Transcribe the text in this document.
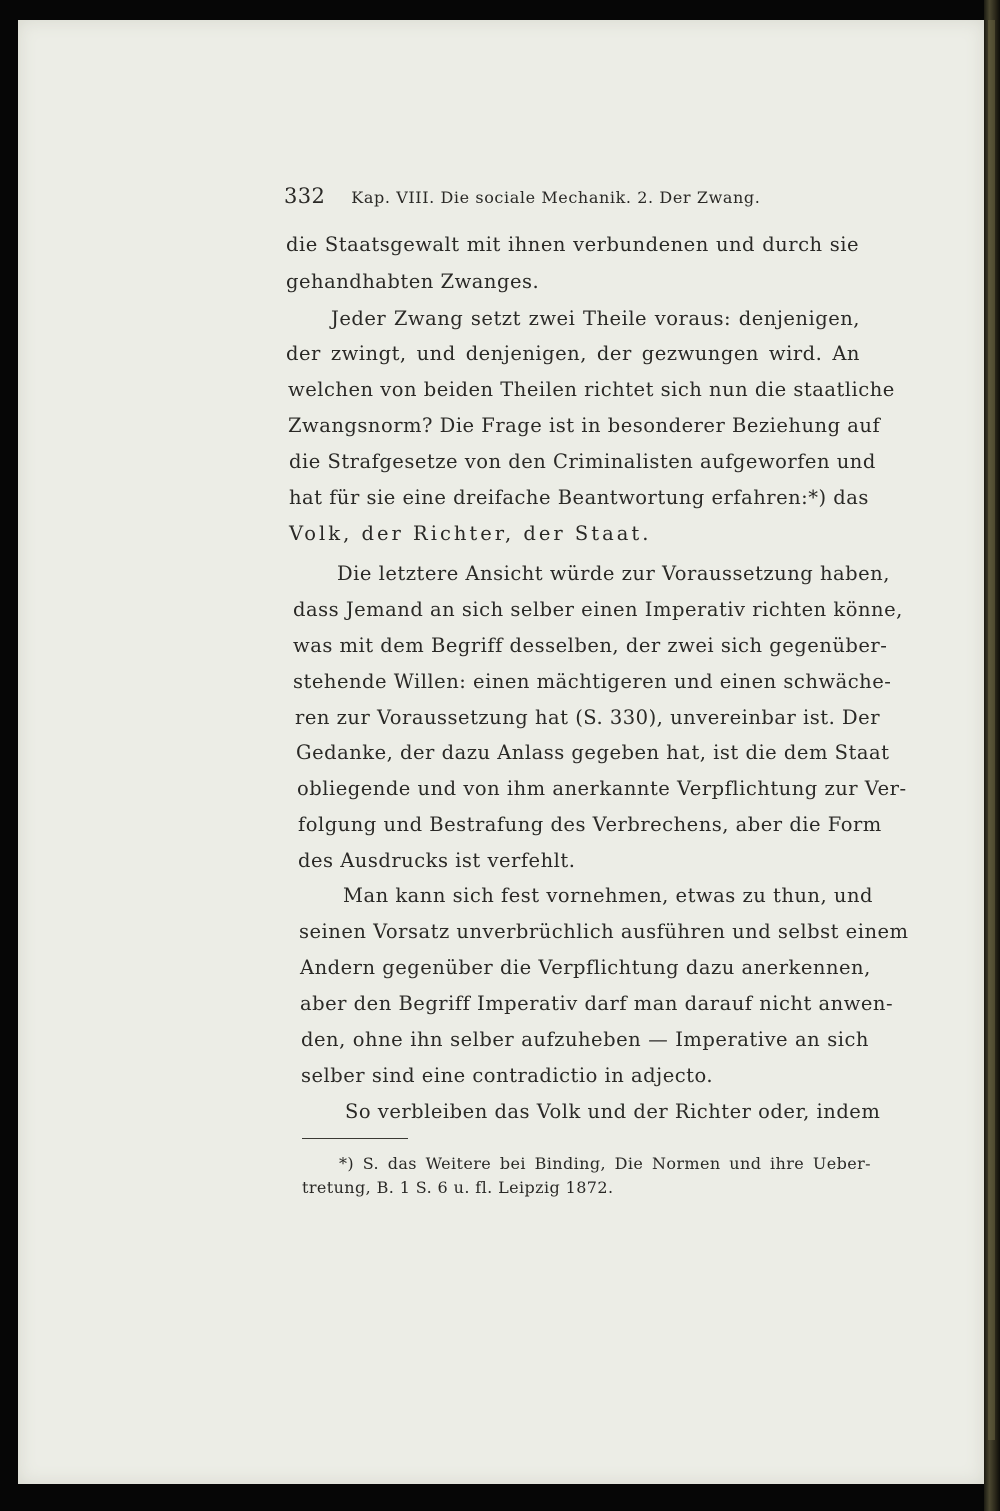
332 Kap. VIII. Die sociale Mechanik. 2. Der Zwang.
die Staatsgewalt mit ihnen verbundenen und durch sie
gehandhabten Zwanges.
Jeder Zwang setzt zwei Theile voraus: denjenigen,
der zwingt, und denjenigen, der gezwungen wird. An
welchen von beiden Theilen richtet sich nun die staatliche
Zwangsnorm? Die Frage ist in besonderer Beziehung auf
die Strafgesetze von den Criminalisten aufgeworfen und
hat für sie eine dreifache Beantwortung erfahren:*) das
Volk, der Richter, der Staat.
Die letztere Ansicht würde zur Voraussetzung haben,
dass Jemand an sich selber einen Imperativ richten könne,
was mit dem Begriff desselben, der zwei sich gegenüber-
stehende Willen: einen mächtigeren und einen schwäche-
ren zur Voraussetzung hat (S. 330), unvereinbar ist. Der
Gedanke, der dazu Anlass gegeben hat, ist die dem Staat
obliegende und von ihm anerkannte Verpflichtung zur Ver-
folgung und Bestrafung des Verbrechens, aber die Form
des Ausdrucks ist verfehlt.
Man kann sich fest vornehmen, etwas zu thun, und
seinen Vorsatz unverbrüchlich ausführen und selbst einem
Andern gegenüber die Verpflichtung dazu anerkennen,
aber den Begriff Imperativ darf man darauf nicht anwen-
den, ohne ihn selber aufzuheben — Imperative an sich
selber sind eine contradictio in adjecto.
So verbleiben das Volk und der Richter oder, indem
*) S. das Weitere bei Binding, Die Normen und ihre Ueber-
tretung, B. 1 S. 6 u. fl. Leipzig 1872.
